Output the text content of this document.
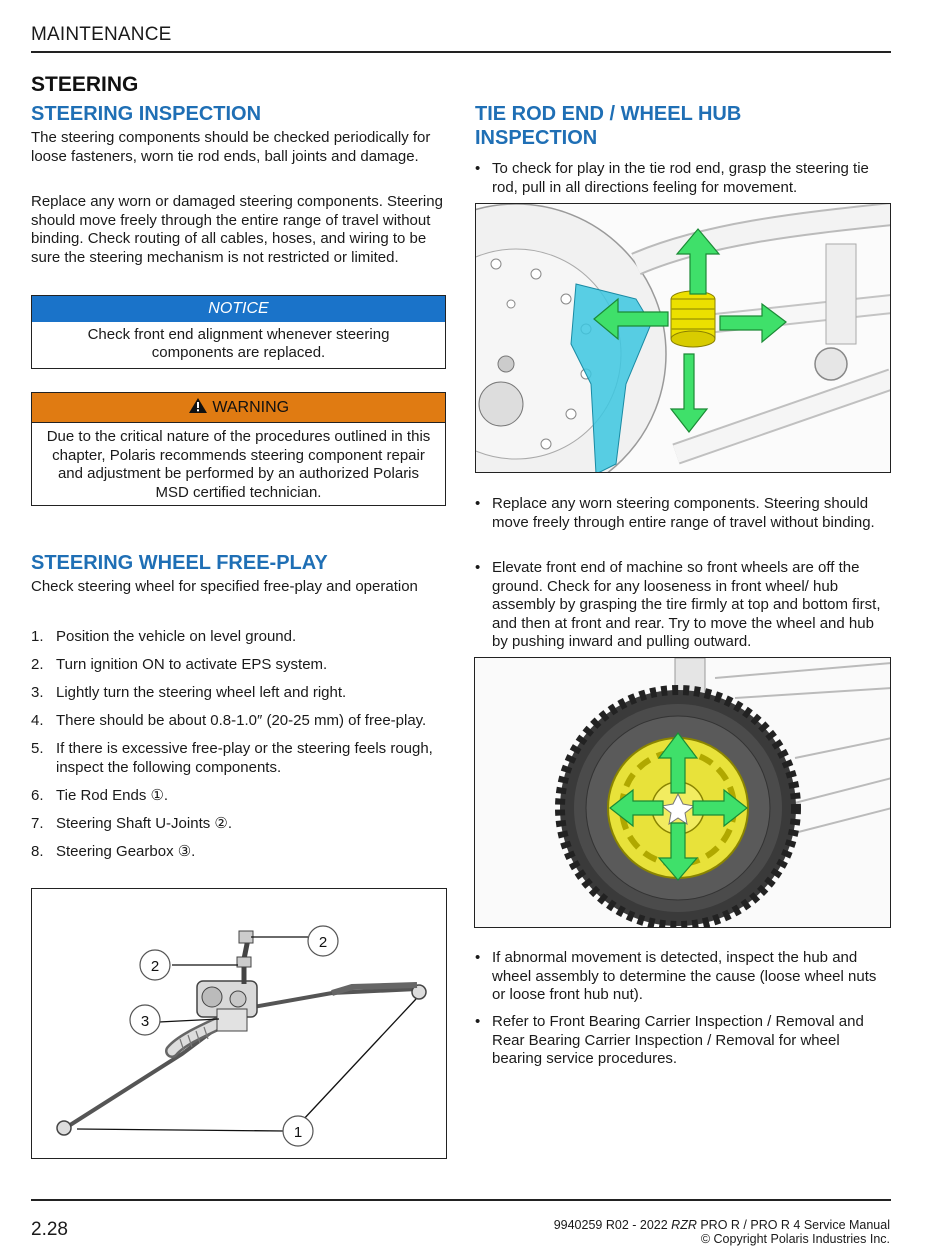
MAINTENANCE
STEERING
STEERING INSPECTION
The steering components should be checked periodically for loose fasteners, worn tie rod ends, ball joints and damage.
Replace any worn or damaged steering components. Steering should move freely through the entire range of travel without binding. Check routing of all cables, hoses, and wiring to be sure the steering mechanism is not restricted or limited.
NOTICE
Check front end alignment whenever steering components are replaced.
WARNING
Due to the critical nature of the procedures outlined in this chapter, Polaris recommends steering component repair and adjustment be performed by an authorized Polaris MSD certified technician.
STEERING WHEEL FREE-PLAY
Check steering wheel for specified free-play and operation
1. Position the vehicle on level ground.
2. Turn ignition ON to activate EPS system.
3. Lightly turn the steering wheel left and right.
4. There should be about 0.8-1.0″ (20-25 mm) of free-play.
5. If there is excessive free-play or the steering feels rough, inspect the following components.
6. Tie Rod Ends ①.
7. Steering Shaft U-Joints ②.
8. Steering Gearbox ③.
2
2
3
1
TIE ROD END / WHEEL HUB
INSPECTION
• To check for play in the tie rod end, grasp the steering tie rod, pull in all directions feeling for movement.
• Replace any worn steering components. Steering should move freely through entire range of travel without binding.
• Elevate front end of machine so front wheels are off the ground. Check for any looseness in front wheel/ hub assembly by grasping the tire firmly at top and bottom first, and then at front and rear. Try to move the wheel and hub by pushing inward and pulling outward.
• If abnormal movement is detected, inspect the hub and wheel assembly to determine the cause (loose wheel nuts or loose front hub nut).
• Refer to Front Bearing Carrier Inspection / Removal and Rear Bearing Carrier Inspection / Removal for wheel bearing service procedures.
2.28	9940259 R02 - 2022 RZR PRO R / PRO R 4 Service Manual
© Copyright Polaris Industries Inc.
